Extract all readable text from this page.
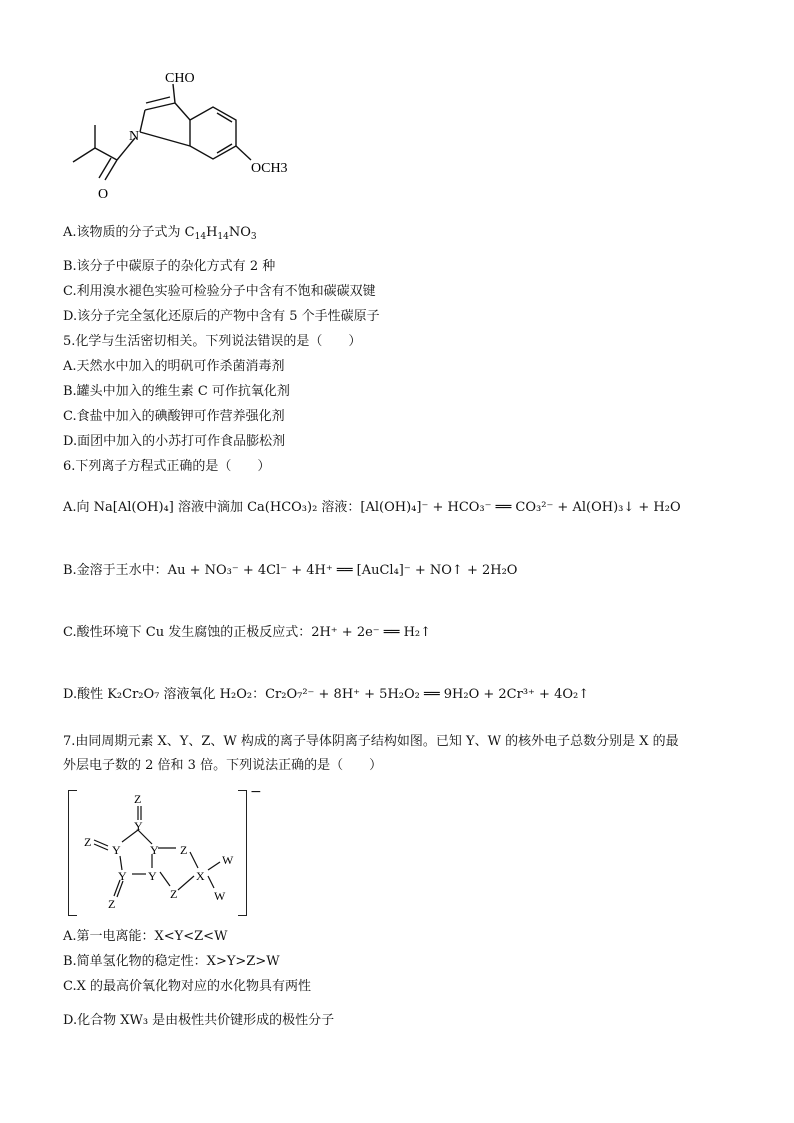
CHO
N
O
OCH3
A.该物质的分子式为 $C_{14}H_{14}NO_3$
B.该分子中碳原子的杂化方式有 2 种
C.利用溴水褪色实验可检验分子中含有不饱和碳碳双键
D.该分子完全氢化还原后的产物中含有 5 个手性碳原子
5.化学与生活密切相关。下列说法错误的是（　　）
A.天然水中加入的明矾可作杀菌消毒剂
B.罐头中加入的维生素 C 可作抗氧化剂
C.食盐中加入的碘酸钾可作营养强化剂
D.面团中加入的小苏打可作食品膨松剂
6.下列离子方程式正确的是（　　）
A.向 Na[Al(OH)₄] 溶液中滴加 Ca(HCO₃)₂ 溶液：[Al(OH)₄]⁻ + HCO₃⁻ ══ CO₃²⁻ + Al(OH)₃↓ + H₂O
B.金溶于王水中：Au + NO₃⁻ + 4Cl⁻ + 4H⁺ ══ [AuCl₄]⁻ + NO↑ + 2H₂O
C.酸性环境下 Cu 发生腐蚀的正极反应式：2H⁺ + 2e⁻ ══ H₂↑
D.酸性 K₂Cr₂O₇ 溶液氧化 H₂O₂：Cr₂O₇²⁻ + 8H⁺ + 5H₂O₂ ══ 9H₂O + 2Cr³⁺ + 4O₂↑
7.由同周期元素 X、Y、Z、W 构成的离子导体阴离子结构如图。已知 Y、W 的核外电子总数分别是 X 的最
外层电子数的 2 倍和 3 倍。下列说法正确的是（　　）
−
Z
Y
Z
Y Y Z
Y Y
Z
X
W
W
Z
A.第一电离能：X<Y<Z<W
B.简单氢化物的稳定性：X>Y>Z>W
C.X 的最高价氧化物对应的水化物具有两性
D.化合物 XW₃ 是由极性共价键形成的极性分子
